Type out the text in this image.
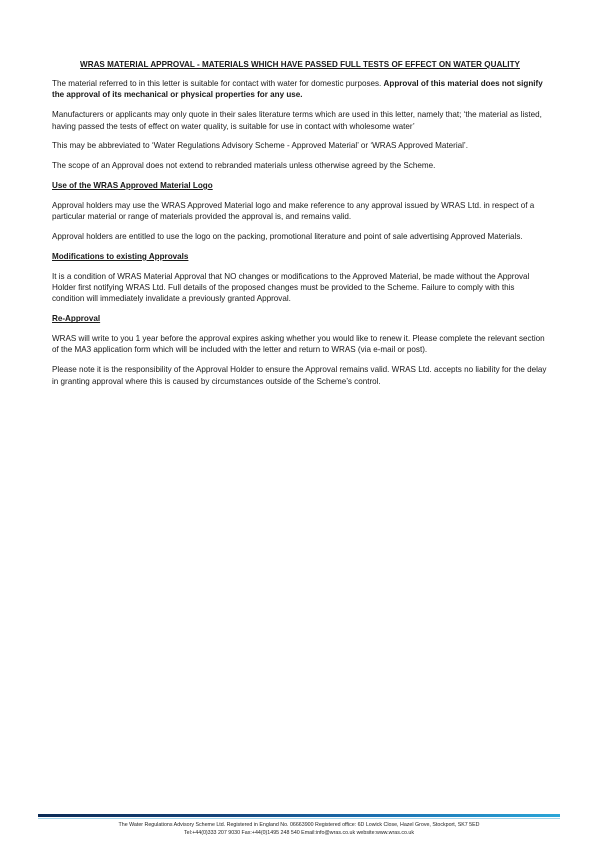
WRAS MATERIAL APPROVAL - MATERIALS WHICH HAVE PASSED FULL TESTS OF EFFECT ON WATER QUALITY

The material referred to in this letter is suitable for contact with water for domestic purposes. Approval of this material does not signify the approval of its mechanical or physical properties for any use.

Manufacturers or applicants may only quote in their sales literature terms which are used in this letter, namely that; ‘the material as listed, having passed the tests of effect on water quality, is suitable for use in contact with wholesome water’

This may be abbreviated to ‘Water Regulations Advisory Scheme - Approved Material’ or ‘WRAS Approved Material’.

The scope of an Approval does not extend to rebranded materials unless otherwise agreed by the Scheme.

Use of the WRAS Approved Material Logo

Approval holders may use the WRAS Approved Material logo and make reference to any approval issued by WRAS Ltd. in respect of a particular material or range of materials provided the approval is, and remains valid.

Approval holders are entitled to use the logo on the packing, promotional literature and point of sale advertising Approved Materials.

Modifications to existing Approvals

It is a condition of WRAS Material Approval that NO changes or modifications to the Approved Material, be made without the Approval Holder first notifying WRAS Ltd. Full details of the proposed changes must be provided to the Scheme. Failure to comply with this condition will immediately invalidate a previously granted Approval.

Re-Approval

WRAS will write to you 1 year before the approval expires asking whether you would like to renew it. Please complete the relevant section of the MA3 application form which will be included with the letter and return to WRAS (via e-mail or post).

Please note it is the responsibility of the Approval Holder to ensure the Approval remains valid. WRAS Ltd. accepts no liability for the delay in granting approval where this is caused by circumstances outside of the Scheme’s control.

The Water Regulations Advisory Scheme Ltd. Registered in England No. 06663900 Registered office: 6D Lowick Close, Hazel Grove, Stockport, SK7 5ED
Tel:+44(0)333 207 9030 Fax:+44(0)1495 248 540 Email:info@wras.co.uk website:www.wras.co.uk
